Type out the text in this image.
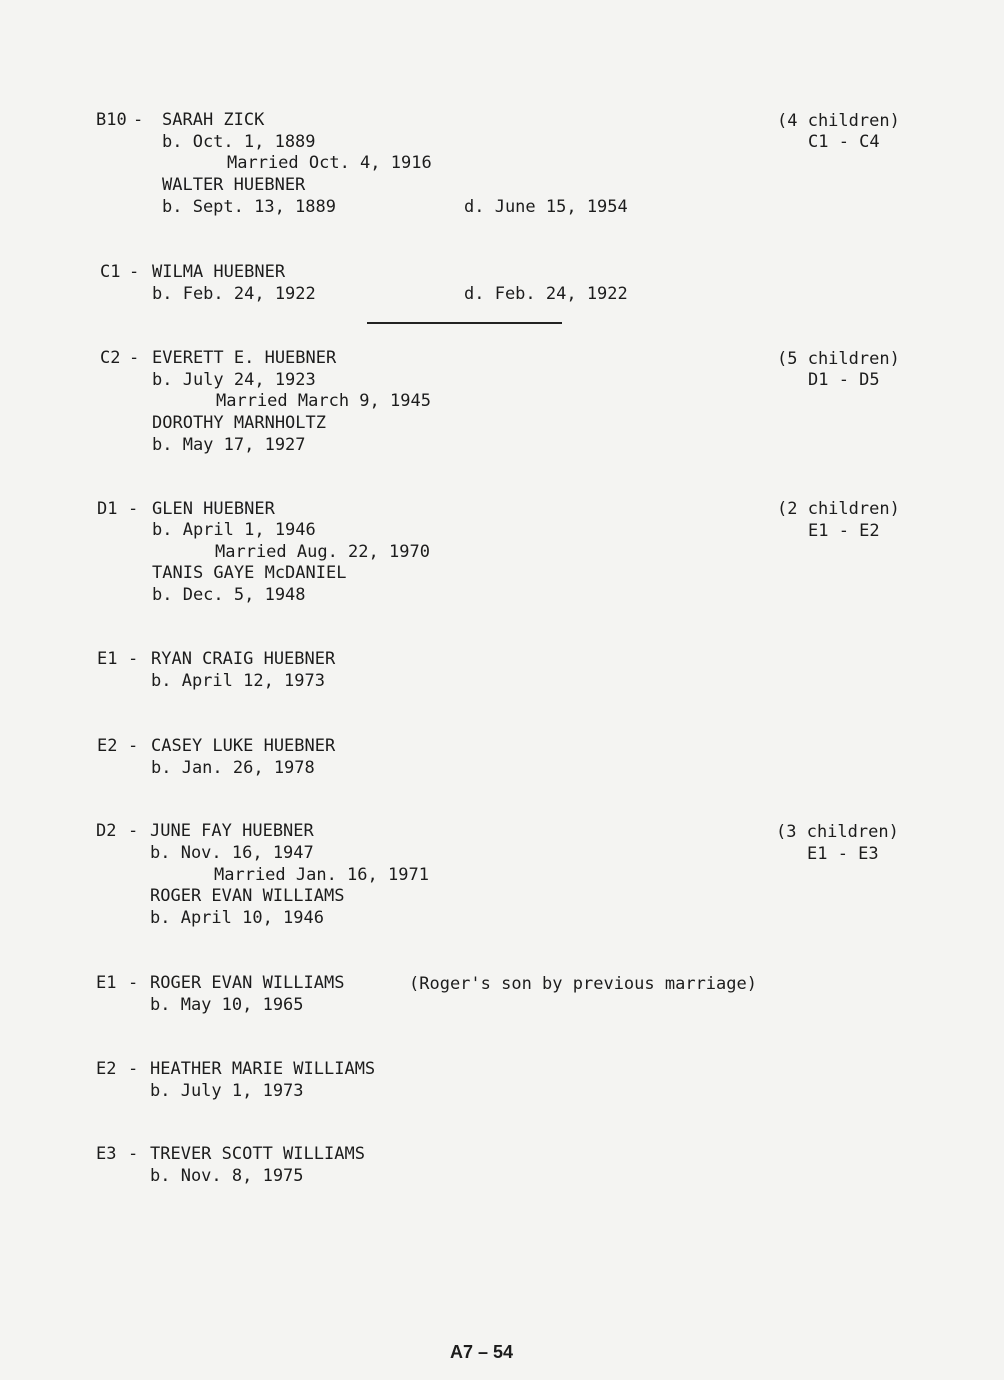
B10 - SARAH ZICK
b. Oct. 1, 1889
Married Oct. 4, 1916
WALTER HUEBNER
b. Sept. 13, 1889	d. June 15, 1954
(4 children)
C1 - C4
C1 - WILMA HUEBNER
b. Feb. 24, 1922	d. Feb. 24, 1922
C2 - EVERETT E. HUEBNER
b. July 24, 1923
Married March 9, 1945
DOROTHY MARNHOLTZ
b. May 17, 1927
(5 children)
D1 - D5
D1 - GLEN HUEBNER
b. April 1, 1946
Married Aug. 22, 1970
TANIS GAYE McDANIEL
b. Dec. 5, 1948
(2 children)
E1 - E2
E1 - RYAN CRAIG HUEBNER
b. April 12, 1973
E2 - CASEY LUKE HUEBNER
b. Jan. 26, 1978
D2 - JUNE FAY HUEBNER
b. Nov. 16, 1947
Married Jan. 16, 1971
ROGER EVAN WILLIAMS
b. April 10, 1946
(3 children)
E1 - E3
E1 - ROGER EVAN WILLIAMS	(Roger's son by previous marriage)
b. May 10, 1965
E2 - HEATHER MARIE WILLIAMS
b. July 1, 1973
E3 - TREVER SCOTT WILLIAMS
b. Nov. 8, 1975
A7 – 54
